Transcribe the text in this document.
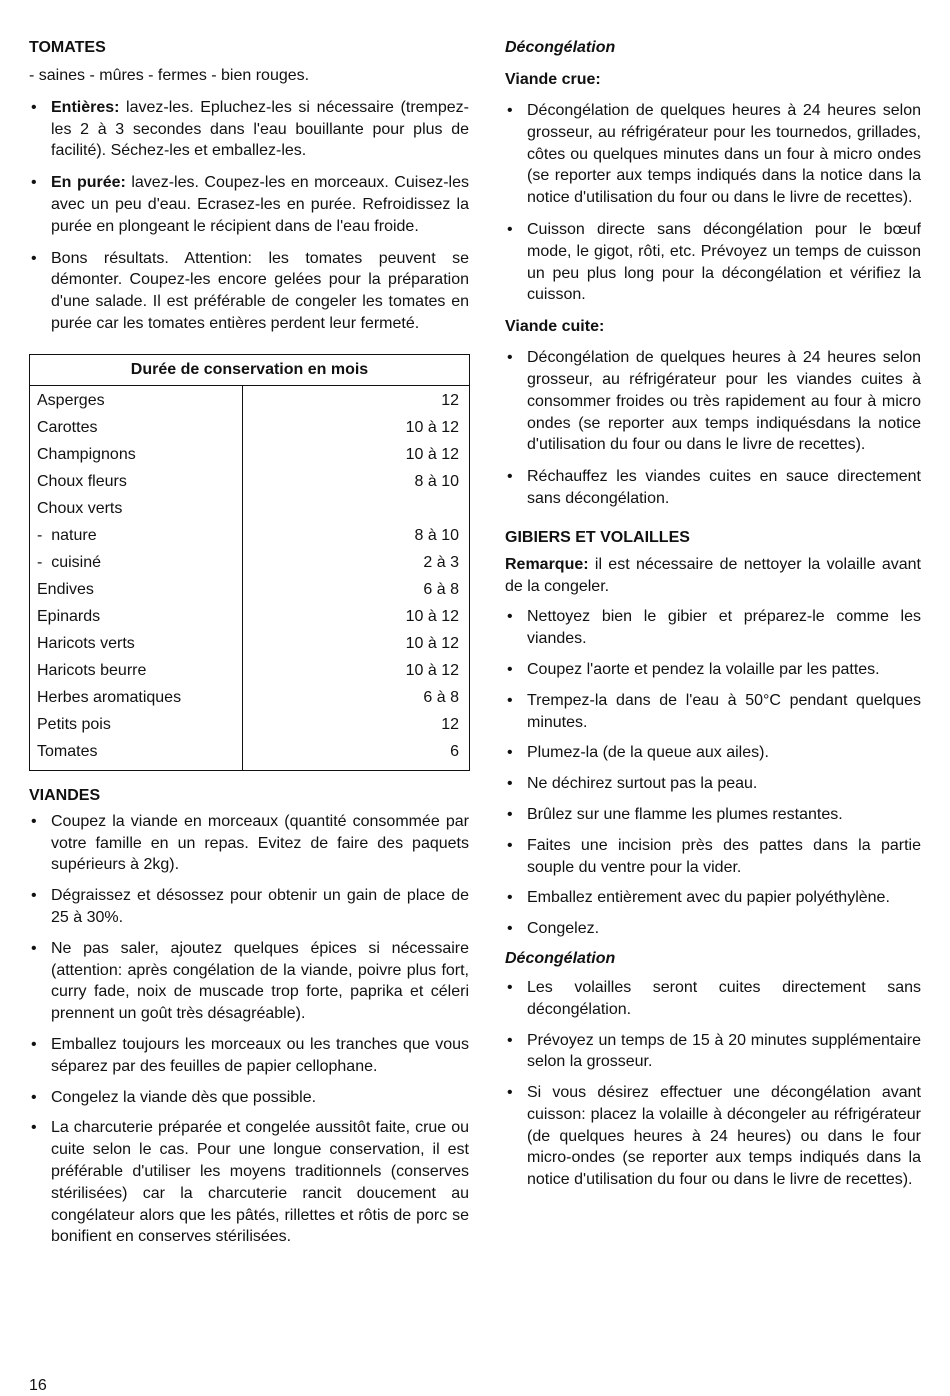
TOMATES

- saines - mûres - fermes - bien rouges.

• Entières: lavez-les. Epluchez-les si nécessaire (trempez-les 2 à 3 secondes dans l'eau bouillante pour plus de facilité). Séchez-les et emballez-les.
• En purée: lavez-les. Coupez-les en morceaux. Cuisez-les avec un peu d'eau. Ecrasez-les en purée. Refroidissez la purée en plongeant le récipient dans de l'eau froide.
• Bons résultats. Attention: les tomates peuvent se démonter. Coupez-les encore gelées pour la préparation d'une salade. Il est préférable de congeler les tomates en purée car les tomates entières perdent leur fermeté.
Durée de conservation en mois	
Asperges	12
Carottes	10 à 12
Champignons	10 à 12
Choux fleurs	8 à 10
Choux verts	
-  nature	8 à 10
-  cuisiné	2 à 3
Endives	6 à 8
Epinards	10 à 12
Haricots verts	10 à 12
Haricots beurre	10 à 12
Herbes aromatiques	6 à 8
Petits pois	12
Tomates	6
VIANDES
• Coupez la viande en morceaux (quantité consommée par votre famille en un repas. Evitez de faire des paquets supérieurs à 2kg).
• Dégraissez et désossez pour obtenir un gain de place de 25 à 30%.
• Ne pas saler, ajoutez quelques épices si nécessaire (attention: après congélation de la viande, poivre plus fort, curry fade, noix de muscade trop forte, paprika et céleri prennent un goût très désagréable).
• Emballez toujours les morceaux ou les tranches que vous séparez par des feuilles de papier cellophane.
• Congelez la viande dès que possible.
• La charcuterie préparée et congelée aussitôt faite, crue ou cuite selon le cas. Pour une longue conservation, il est préférable d'utiliser les moyens traditionnels (conserves stérilisées) car la charcuterie rancit doucement au congélateur alors que les pâtés, rillettes et rôtis de porc se bonifient en conserves stérilisées.
Décongélation
Viande crue:
• Décongélation de quelques heures à 24 heures selon grosseur, au réfrigérateur pour les tournedos, grillades, côtes ou quelques minutes dans un four à micro ondes (se reporter aux temps indiqués dans la notice dans la notice d'utilisation du four ou dans le livre de recettes).
• Cuisson directe sans décongélation pour le bœuf mode, le gigot, rôti, etc. Prévoyez un temps de cuisson un peu plus long pour la décongélation et vérifiez la cuisson.
Viande cuite:
• Décongélation de quelques heures à 24 heures selon grosseur, au réfrigérateur pour les viandes cuites à consommer froides ou très rapidement au four à micro ondes (se reporter aux temps indiquésdans la notice d'utilisation du four ou dans le livre de recettes).
• Réchauffez les viandes cuites en sauce directement sans décongélation.
GIBIERS ET VOLAILLES

Remarque: il est nécessaire de nettoyer la volaille avant de la congeler.

• Nettoyez bien le gibier et préparez-le comme les viandes.
• Coupez l'aorte et pendez la volaille par les pattes.
• Trempez-la dans de l'eau à 50°C pendant quelques minutes.
• Plumez-la (de la queue aux ailes).
• Ne déchirez surtout pas la peau.
• Brûlez sur une flamme les plumes restantes.
• Faites une incision près des pattes dans la partie souple du ventre pour la vider.
• Emballez entièrement avec du papier polyéthylène.
• Congelez.
Décongélation
• Les volailles seront cuites directement sans décongélation.
• Prévoyez un temps de 15 à 20 minutes supplémentaire selon la grosseur.
• Si vous désirez effectuer une décongélation avant cuisson: placez la volaille à décongeler au réfrigérateur (de quelques heures à 24 heures) ou dans le four micro-ondes (se reporter aux temps indiqués dans la notice d'utilisation du four ou dans le livre de recettes).
16
